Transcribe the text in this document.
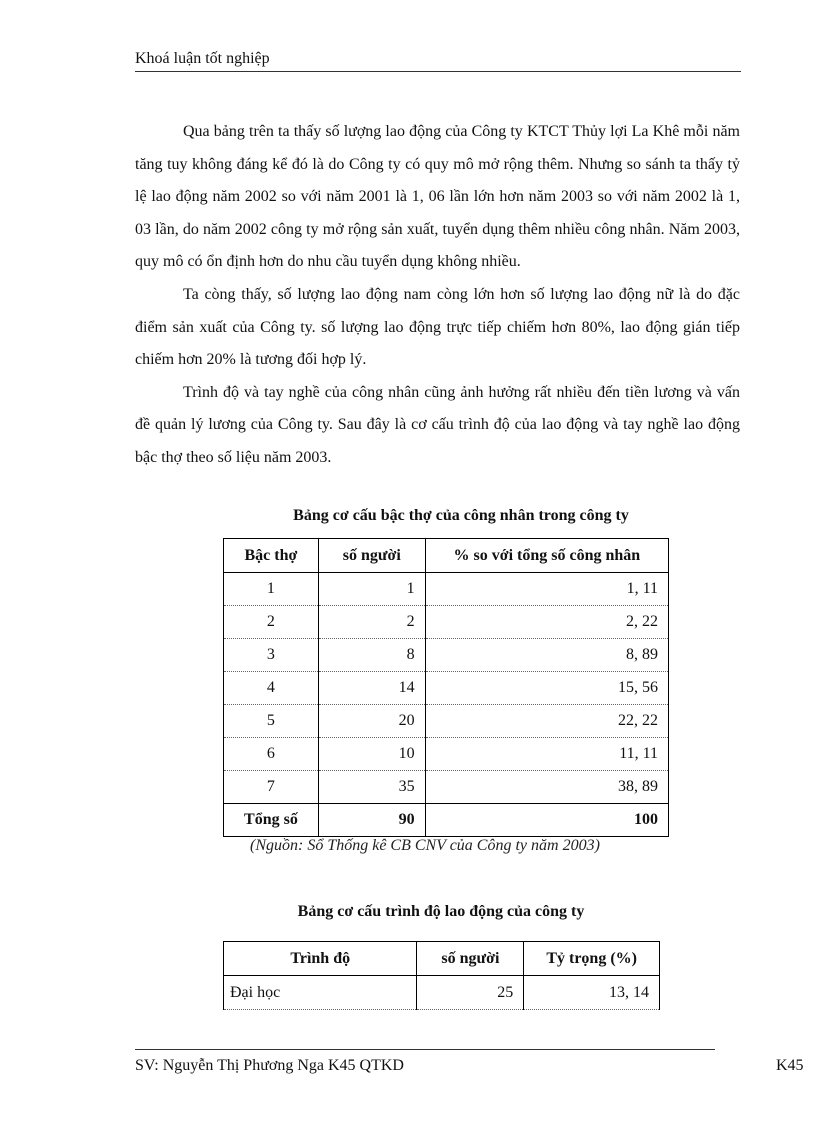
Khoá luận tốt nghiệp

Qua bảng trên ta thấy số lượng lao động của Công ty KTCT Thủy lợi La Khê mỗi năm tăng tuy không đáng kể đó là do Công ty có quy mô mở rộng thêm. Nhưng so sánh ta thấy tỷ lệ lao động năm 2002 so với năm 2001 là 1, 06 lần lớn hơn năm 2003 so với năm 2002 là 1, 03 lần, do năm 2002 công ty mở rộng sản xuất, tuyển dụng thêm nhiều công nhân. Năm 2003, quy mô có ổn định hơn do nhu cầu tuyển dụng không nhiều.

Ta còng thấy, số lượng lao động nam còng lớn hơn số lượng lao động nữ là do đặc điểm sản xuất của Công ty. số lượng lao động trực tiếp chiếm hơn 80%, lao động gián tiếp chiếm hơn 20% là tương đối hợp lý.

Trình độ và tay nghề của công nhân cũng ảnh hưởng rất nhiều đến tiền lương và vấn đề quản lý lương của Công ty. Sau đây là cơ cấu trình độ của lao động và tay nghề lao động bậc thợ theo số liệu năm 2003.

Bảng cơ cấu bậc thợ của công nhân trong công ty
Bậc thợ	số người	% so với tổng số công nhân
1	1	1, 11
2	2	2, 22
3	8	8, 89
4	14	15, 56
5	20	22, 22
6	10	11, 11
7	35	38, 89
Tổng số	90	100
(Nguồn: Sổ Thống kê CB CNV của Công ty năm 2003)
Bảng cơ cấu trình độ lao động của công ty
Trình độ	số người	Tỷ trọng (%)
Đại học	25	13, 14
SV: Nguyễn Thị Phương Nga K45 QTKD	K45
